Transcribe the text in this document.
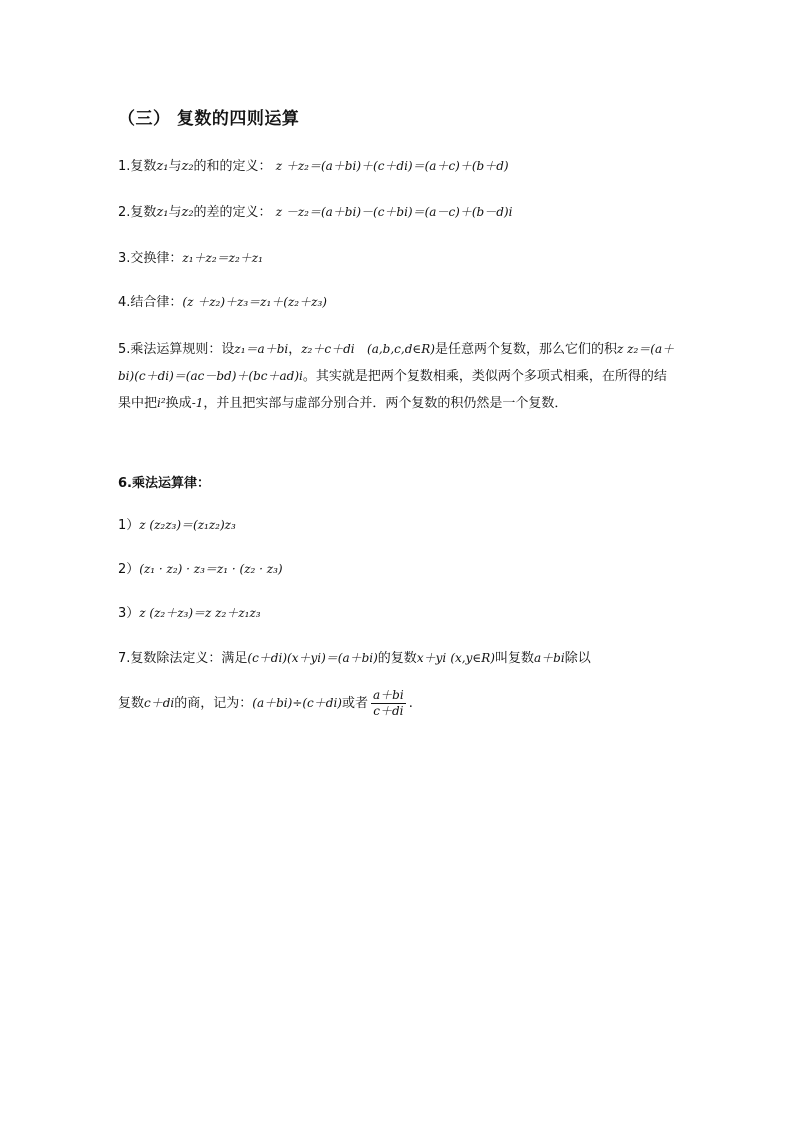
（三） 复数的四则运算
1.复数z₁与z₂的和的定义： z ＋z₂＝(a＋bi)＋(c＋di)＝(a＋c)＋(b＋d)
2.复数z₁与z₂的差的定义： z －z₂＝(a＋bi)－(c＋bi)＝(a－c)＋(b－d)i
3.交换律：z₁＋z₂＝z₂＋z₁
4.结合律：(z ＋z₂)＋z₃＝z₁＋(z₂＋z₃)
5.乘法运算规则：设z₁＝a＋bi，z₂＋c＋di (a,b,c,d∈R)是任意两个复数，那么它们的积z z₂＝(a＋bi)(c＋di)＝(ac－bd)＋(bc＋ad)i。其实就是把两个复数相乘，类似两个多项式相乘，在所得的结果中把i²换成-1，并且把实部与虚部分别合并．两个复数的积仍然是一个复数．
6.乘法运算律：
1）z (z₂z₃)＝(z₁z₂)z₃
2）(z₁ · z₂) · z₃＝z₁ · (z₂ · z₃)
3）z (z₂＋z₃)＝z z₂＋z₁z₃
7.复数除法定义：满足(c＋di)(x＋yi)＝(a＋bi)的复数x＋yi (x,y∈R)叫复数a＋bi除以
复数c＋di的商，记为：(a＋bi)÷(c＋di)或者 $\frac{a+bi}{c+di}$ .
